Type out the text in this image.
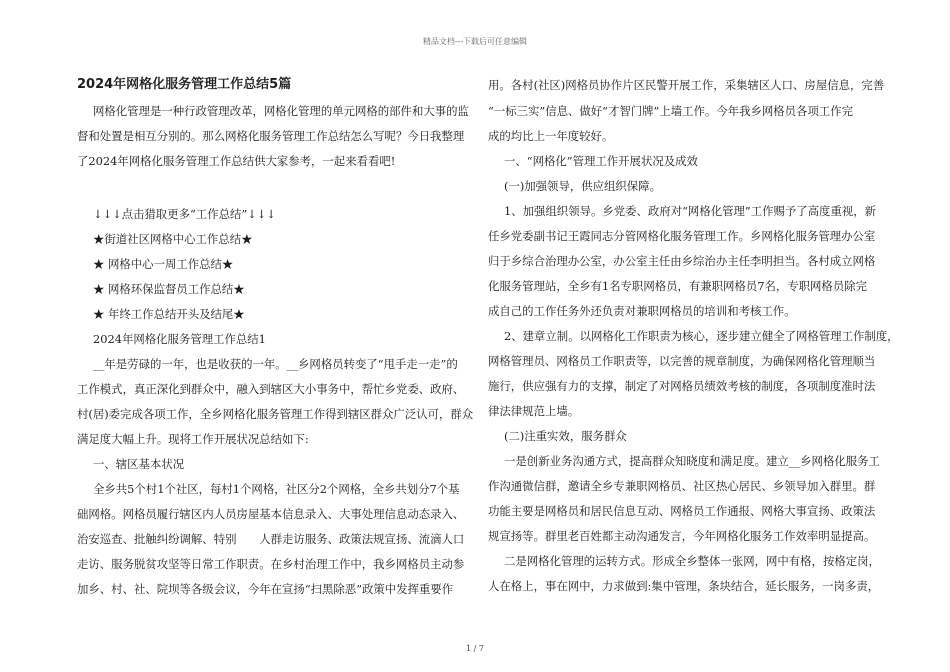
精品文档---下载后可任意编辑
2024年网格化服务管理工作总结5篇
网格化管理是一种行政管理改革，网格化管理的单元网格的部件和大事的监
督和处置是相互分别的。那么网格化服务管理工作总结怎么写呢？今日我整理
了2024年网格化服务管理工作总结供大家参考，一起来看看吧!
↓↓↓点击猎取更多“工作总结”↓↓↓
★街道社区网格中心工作总结★
★ 网格中心一周工作总结★
★ 网格环保监督员工作总结★
★ 年终工作总结开头及结尾★
2024年网格化服务管理工作总结1
__年是劳碌的一年，也是收获的一年。__乡网格员转变了“甩手走一走”的
工作模式，真正深化到群众中，融入到辖区大小事务中，帮忙乡党委、政府、
村(居)委完成各项工作，全乡网格化服务管理工作得到辖区群众广泛认可，群众
满足度大幅上升。现将工作开展状况总结如下:
一、辖区基本状况
全乡共5个村1个社区，每村1个网格，社区分2个网格，全乡共划分7个基
础网格。网格员履行辖区内人员房屋基本信息录入、大事处理信息动态录入、
治安巡查、批触纠纷调解、特别　　人群走访服务、政策法规宣扬、流滴人口
走访、服务脱贫攻坚等日常工作职责。在乡村治理工作中，我乡网格员主动参
加乡、村、社、院坝等各级会议，今年在宣扬“扫黑除恶”政策中发挥重要作
用。各村(社区)网格员协作片区民警开展工作，采集辖区人口、房屋信息，完善
“一标三实”信息、做好“才智门牌”上墙工作。今年我乡网格员各项工作完
成的均比上一年度较好。
一、“网格化”管理工作开展状况及成效
(一)加强领导，供应组织保障。
1、加强组织领导。乡党委、政府对“网格化管理”工作赐予了高度重视，新
任乡党委副书记王霞同志分管网格化服务管理工作。乡网格化服务管理办公室
归于乡综合治理办公室，办公室主任由乡综治办主任李明担当。各村成立网格
化服务管理站，全乡有1名专职网格员，有兼职网格员7名，专职网格员除完
成自己的工作任务外还负责对兼职网格员的培训和考核工作。
2、建章立制。以网格化工作职责为核心，逐步建立健全了网格管理工作制度，
网格管理员、网格员工作职责等，以完善的规章制度，为确保网格化管理顺当
施行，供应强有力的支撑，制定了对网格员绩效考核的制度，各项制度准时法
律法律规范上墙。
(二)注重实效，服务群众
一是创新业务沟通方式，提高群众知晓度和满足度。建立__乡网格化服务工
作沟通微信群，邀请全乡专兼职网格员、社区热心居民、乡领导加入群里。群
功能主要是网格员和居民信息互动、网格员工作通报、网格大事宣扬、政策法
规宣扬等。群里老百姓都主动沟通发言，今年网格化服务工作效率明显提高。
二是网格化管理的运转方式。形成全乡整体一张网，网中有格，按格定岗，
人在格上，事在网中，力求做到:集中管理，条块结合，延长服务，一岗多责，
1 / 7
